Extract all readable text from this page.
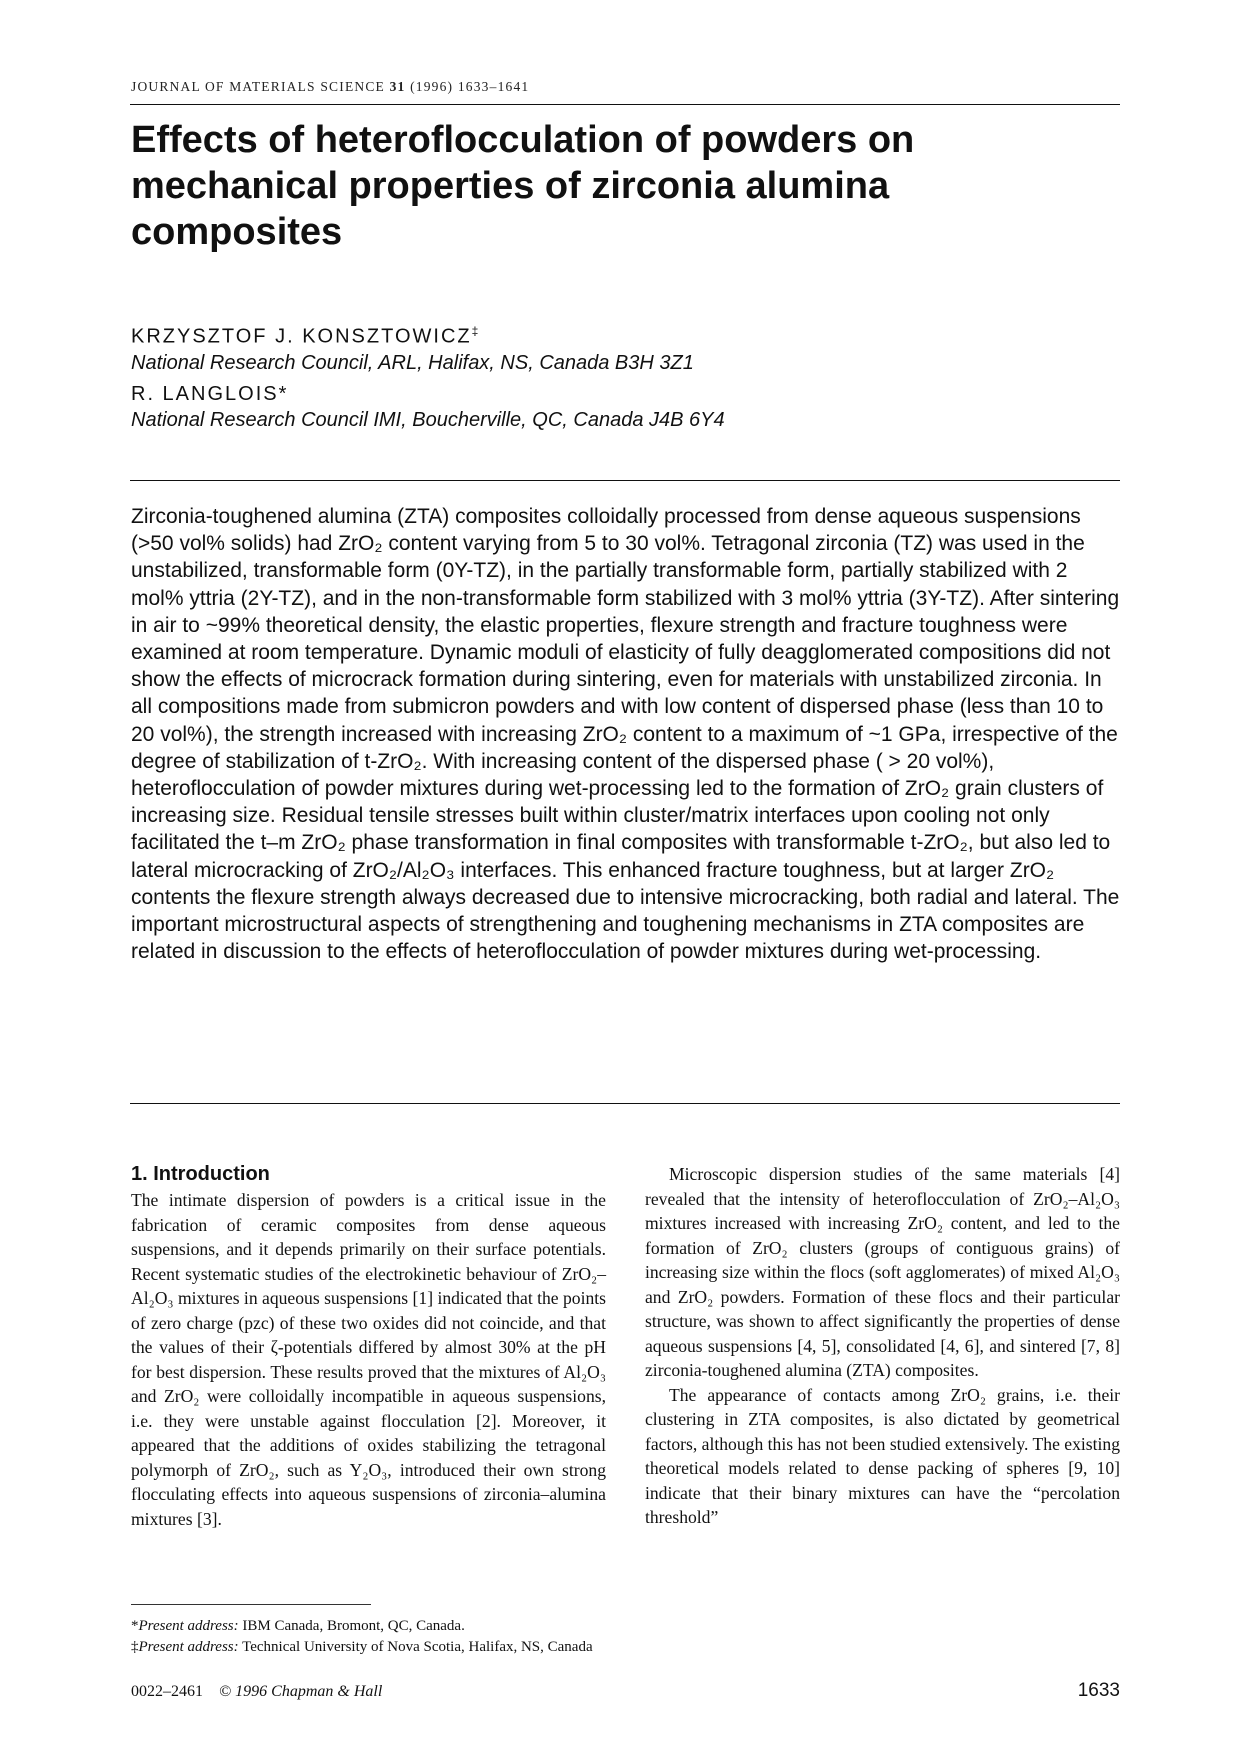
JOURNAL OF MATERIALS SCIENCE 31 (1996) 1633–1641
Effects of heteroflocculation of powders on mechanical properties of zirconia alumina composites
KRZYSZTOF J. KONSZTOWICZ‡
National Research Council, ARL, Halifax, NS, Canada B3H 3Z1
R. LANGLOIS*
National Research Council IMI, Boucherville, QC, Canada J4B 6Y4

Zirconia-toughened alumina (ZTA) composites colloidally processed from dense aqueous suspensions (>50 vol% solids) had ZrO₂ content varying from 5 to 30 vol%. Tetragonal zirconia (TZ) was used in the unstabilized, transformable form (0Y-TZ), in the partially transformable form, partially stabilized with 2 mol% yttria (2Y-TZ), and in the non-transformable form stabilized with 3 mol% yttria (3Y-TZ). After sintering in air to ~99% theoretical density, the elastic properties, flexure strength and fracture toughness were examined at room temperature. Dynamic moduli of elasticity of fully deagglomerated compositions did not show the effects of microcrack formation during sintering, even for materials with unstabilized zirconia. In all compositions made from submicron powders and with low content of dispersed phase (less than 10 to 20 vol%), the strength increased with increasing ZrO₂ content to a maximum of ~1 GPa, irrespective of the degree of stabilization of t-ZrO₂. With increasing content of the dispersed phase ( > 20 vol%), heteroflocculation of powder mixtures during wet-processing led to the formation of ZrO₂ grain clusters of increasing size. Residual tensile stresses built within cluster/matrix interfaces upon cooling not only facilitated the t–m ZrO₂ phase transformation in final composites with transformable t-ZrO₂, but also led to lateral microcracking of ZrO₂/Al₂O₃ interfaces. This enhanced fracture toughness, but at larger ZrO₂ contents the flexure strength always decreased due to intensive microcracking, both radial and lateral. The important microstructural aspects of strengthening and toughening mechanisms in ZTA composites are related in discussion to the effects of heteroflocculation of powder mixtures during wet-processing.

1. Introduction

The intimate dispersion of powders is a critical issue in the fabrication of ceramic composites from dense aqueous suspensions, and it depends primarily on their surface potentials. Recent systematic studies of the electrokinetic behaviour of ZrO₂–Al₂O₃ mixtures in aqueous suspensions [1] indicated that the points of zero charge (pzc) of these two oxides did not coincide, and that the values of their ζ-potentials differed by almost 30% at the pH for best dispersion. These results proved that the mixtures of Al₂O₃ and ZrO₂ were colloidally incompatible in aqueous suspensions, i.e. they were unstable against flocculation [2]. Moreover, it appeared that the additions of oxides stabilizing the tetragonal polymorph of ZrO₂, such as Y₂O₃, introduced their own strong flocculating effects into aqueous suspensions of zirconia–alumina mixtures [3].

Microscopic dispersion studies of the same materials [4] revealed that the intensity of heteroflocculation of ZrO₂–Al₂O₃ mixtures increased with increasing ZrO₂ content, and led to the formation of ZrO₂ clusters (groups of contiguous grains) of increasing size within the flocs (soft agglomerates) of mixed Al₂O₃ and ZrO₂ powders. Formation of these flocs and their particular structure, was shown to affect significantly the properties of dense aqueous suspensions [4, 5], consolidated [4, 6], and sintered [7, 8] zirconia-toughened alumina (ZTA) composites.

The appearance of contacts among ZrO₂ grains, i.e. their clustering in ZTA composites, is also dictated by geometrical factors, although this has not been studied extensively. The existing theoretical models related to dense packing of spheres [9, 10] indicate that their binary mixtures can have the “percolation threshold”

*Present address: IBM Canada, Bromont, QC, Canada.
‡Present address: Technical University of Nova Scotia, Halifax, NS, Canada
0022–2461 © 1996 Chapman & Hall	1633
